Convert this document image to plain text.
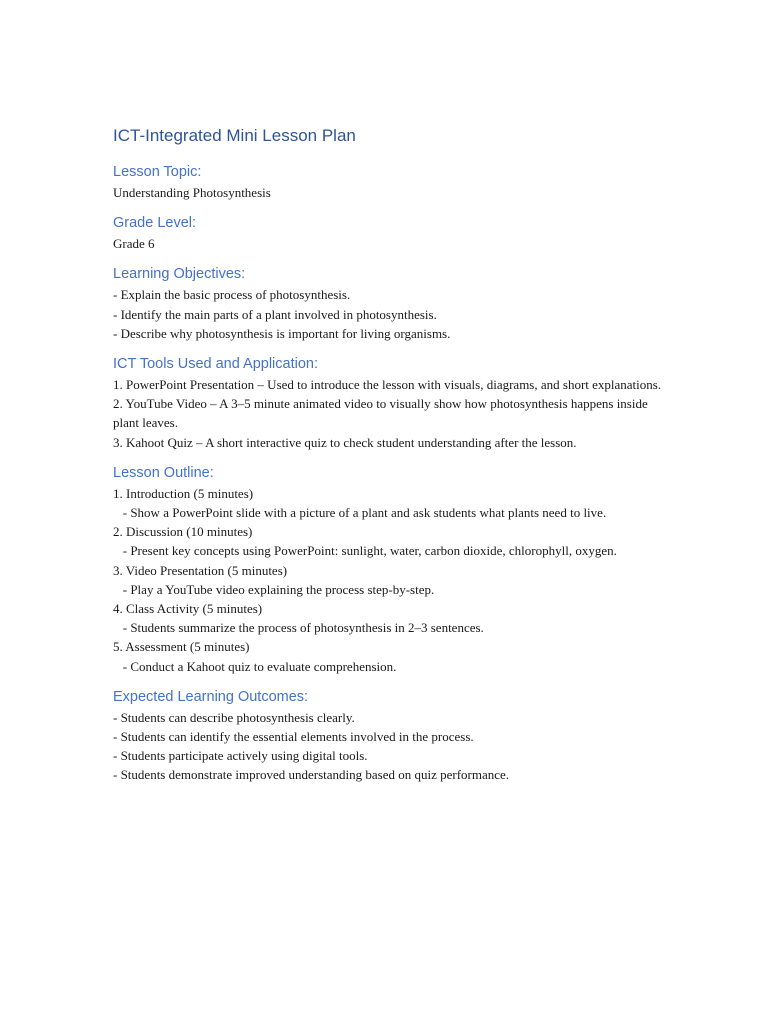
ICT-Integrated Mini Lesson Plan
Lesson Topic:

Understanding Photosynthesis

Grade Level:

Grade 6

Learning Objectives:

- Explain the basic process of photosynthesis.

- Identify the main parts of a plant involved in photosynthesis.

- Describe why photosynthesis is important for living organisms.

ICT Tools Used and Application:

1. PowerPoint Presentation – Used to introduce the lesson with visuals, diagrams, and short explanations.

2. YouTube Video – A 3–5 minute animated video to visually show how photosynthesis happens inside plant leaves.

3. Kahoot Quiz – A short interactive quiz to check student understanding after the lesson.

Lesson Outline:

1. Introduction (5 minutes)

- Show a PowerPoint slide with a picture of a plant and ask students what plants need to live.

2. Discussion (10 minutes)

- Present key concepts using PowerPoint: sunlight, water, carbon dioxide, chlorophyll, oxygen.

3. Video Presentation (5 minutes)

- Play a YouTube video explaining the process step-by-step.

4. Class Activity (5 minutes)

- Students summarize the process of photosynthesis in 2–3 sentences.

5. Assessment (5 minutes)

- Conduct a Kahoot quiz to evaluate comprehension.

Expected Learning Outcomes:

- Students can describe photosynthesis clearly.

- Students can identify the essential elements involved in the process.

- Students participate actively using digital tools.

- Students demonstrate improved understanding based on quiz performance.
